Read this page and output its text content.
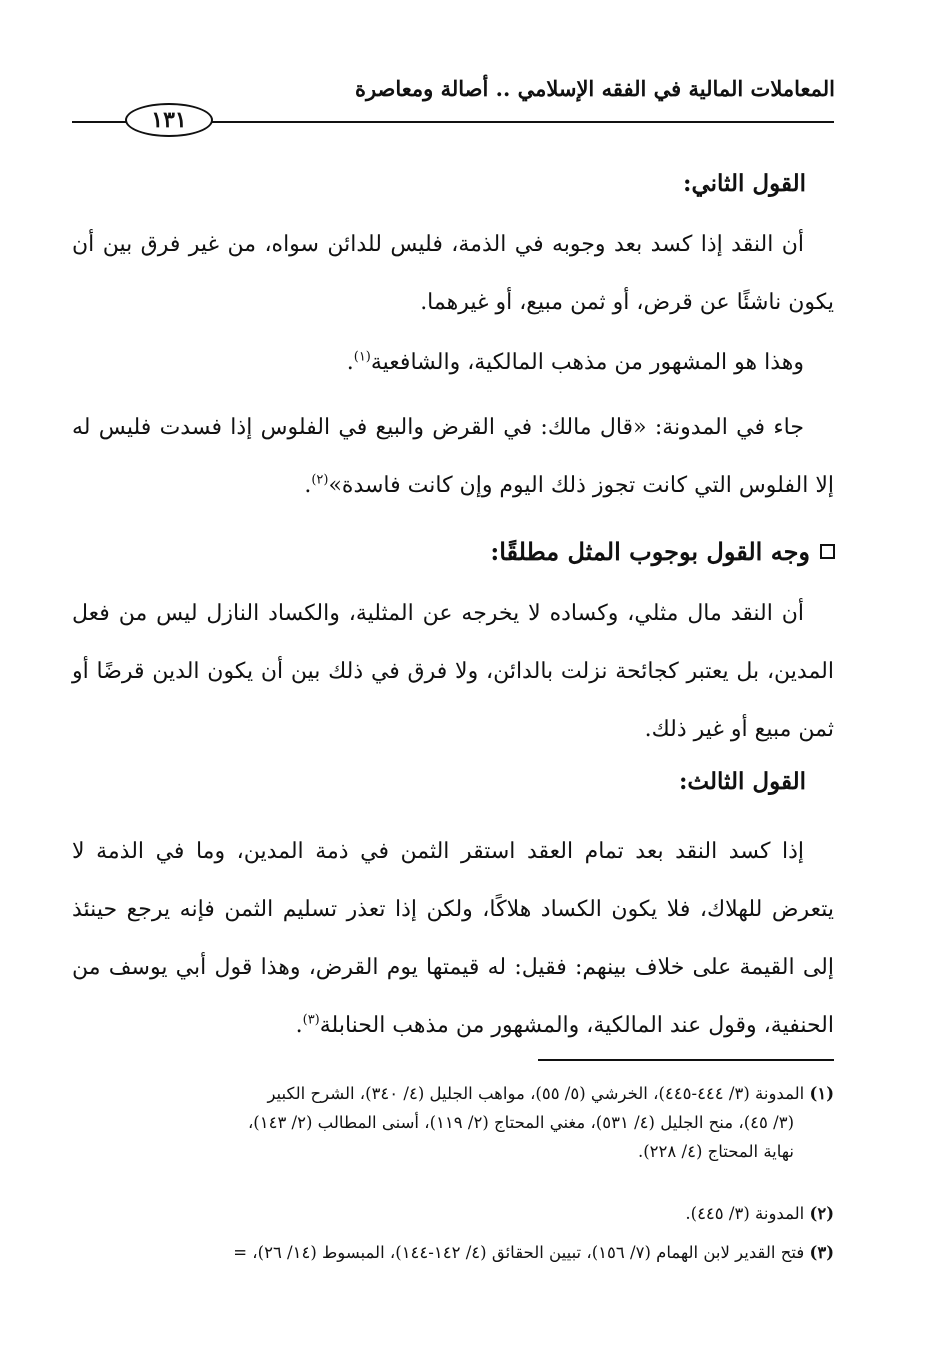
المعاملات المالية في الفقه الإسلامي .. أصالة ومعاصرة
١٣١
القول الثاني:
أن النقد إذا كسد بعد وجوبه في الذمة، فليس للدائن سواه، من غير فرق بين أن يكون ناشئًا عن قرض، أو ثمن مبيع، أو غيرهما.
وهذا هو المشهور من مذهب المالكية، والشافعية$^{(١)}$.
جاء في المدونة: «قال مالك: في القرض والبيع في الفلوس إذا فسدت فليس له إلا الفلوس التي كانت تجوز ذلك اليوم وإن كانت فاسدة»$^{(٢)}$.
وجه القول بوجوب المثل مطلقًا:
أن النقد مال مثلي، وكساده لا يخرجه عن المثلية، والكساد النازل ليس من فعل المدين، بل يعتبر كجائحة نزلت بالدائن، ولا فرق في ذلك بين أن يكون الدين قرضًا أو ثمن مبيع أو غير ذلك.
القول الثالث:
إذا كسد النقد بعد تمام العقد استقر الثمن في ذمة المدين، وما في الذمة لا يتعرض للهلاك، فلا يكون الكساد هلاكًا، ولكن إذا تعذر تسليم الثمن فإنه يرجع حينئذ إلى القيمة على خلاف بينهم: فقيل: له قيمتها يوم القرض، وهذا قول أبي يوسف من الحنفية، وقول عند المالكية، والمشهور من مذهب الحنابلة$^{(٣)}$.
(١) المدونة (٣/ ٤٤٤-٤٤٥)، الخرشي (٥/ ٥٥)، مواهب الجليل (٤/ ٣٤٠)، الشرح الكبير
(٣/ ٤٥)، منح الجليل (٤/ ٥٣١)، مغني المحتاج (٢/ ١١٩)، أسنى المطالب (٢/ ١٤٣)،
نهاية المحتاج (٤/ ٢٢٨).
(٢) المدونة (٣/ ٤٤٥).
(٣) فتح القدير لابن الهمام (٧/ ١٥٦)، تبيين الحقائق (٤/ ١٤٢-١٤٤)، المبسوط (١٤/ ٢٦)، =
